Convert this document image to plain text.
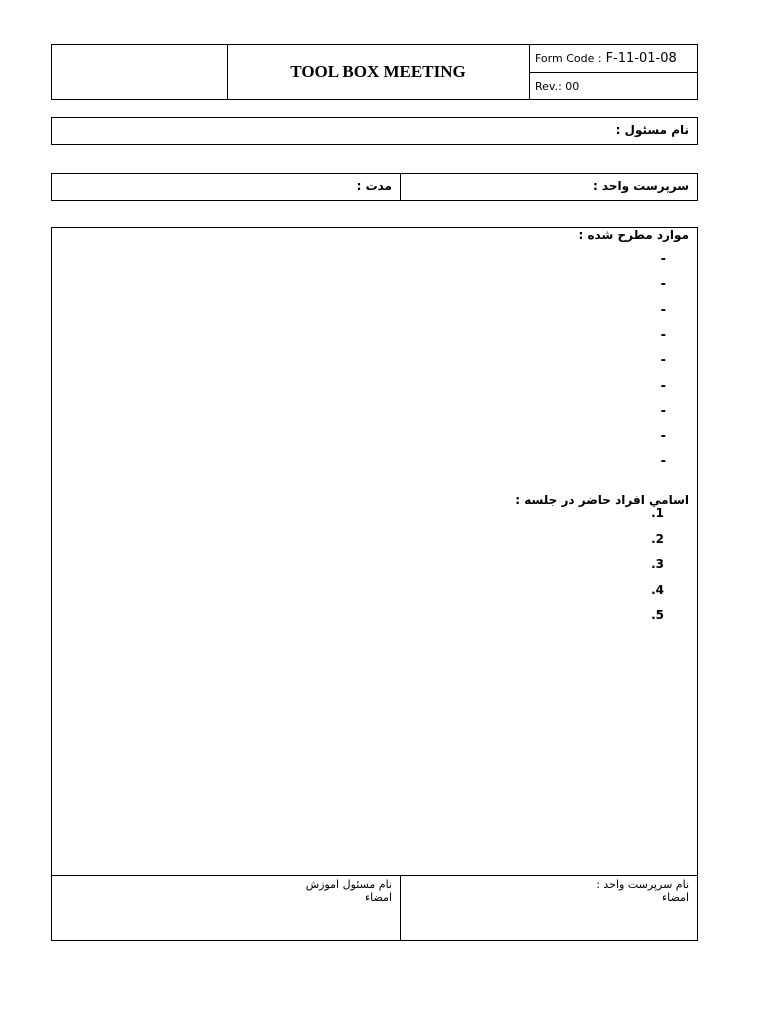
TOOL BOX MEETING
Form Code : F-11-01-08
Rev.: 00
نام مسئول :
سرپرست واحد :
مدت :
موارد مطرح شده :
-
-
-
-
-
-
-
-
-
اسامي افراد حاضر در جلسه :
.1
.2
.3
.4
.5
نام سرپرست واحد :
امضاء
نام مسئول اموزش
امضاء
